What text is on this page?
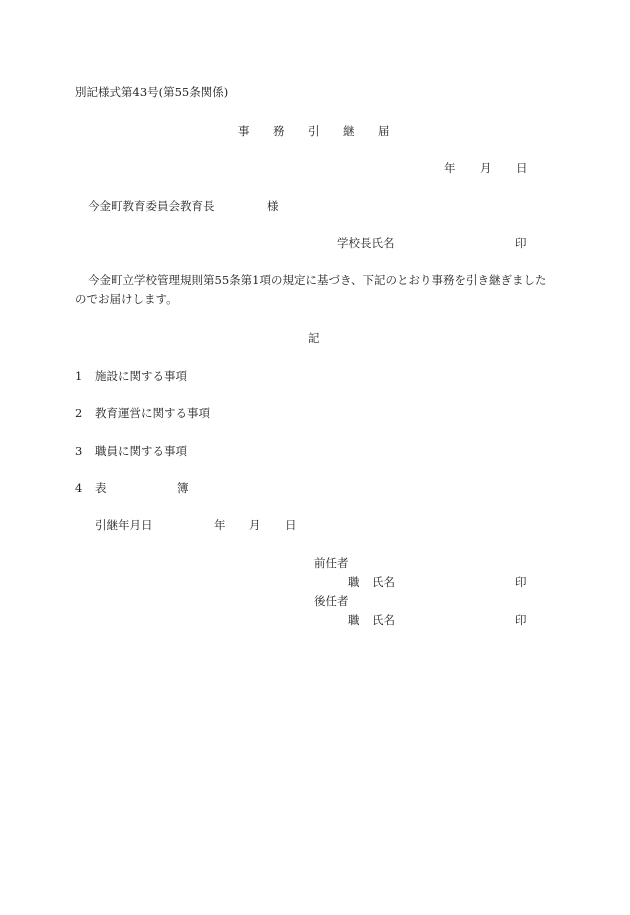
別記様式第43号(第55条関係)
事 務 引 継 届
年 月 日
今金町教育委員会教育長	様
学校長氏名	印
今金町立学校管理規則第55条第1項の規定に基づき、下記のとおり事務を引き継ぎましたのでお届けします。
記
1 施設に関する事項
2 教育運営に関する事項
3 職員に関する事項
4 表	簿
引継年月日	年 月 日
前任者
職 氏名	印
後任者
職 氏名	印
